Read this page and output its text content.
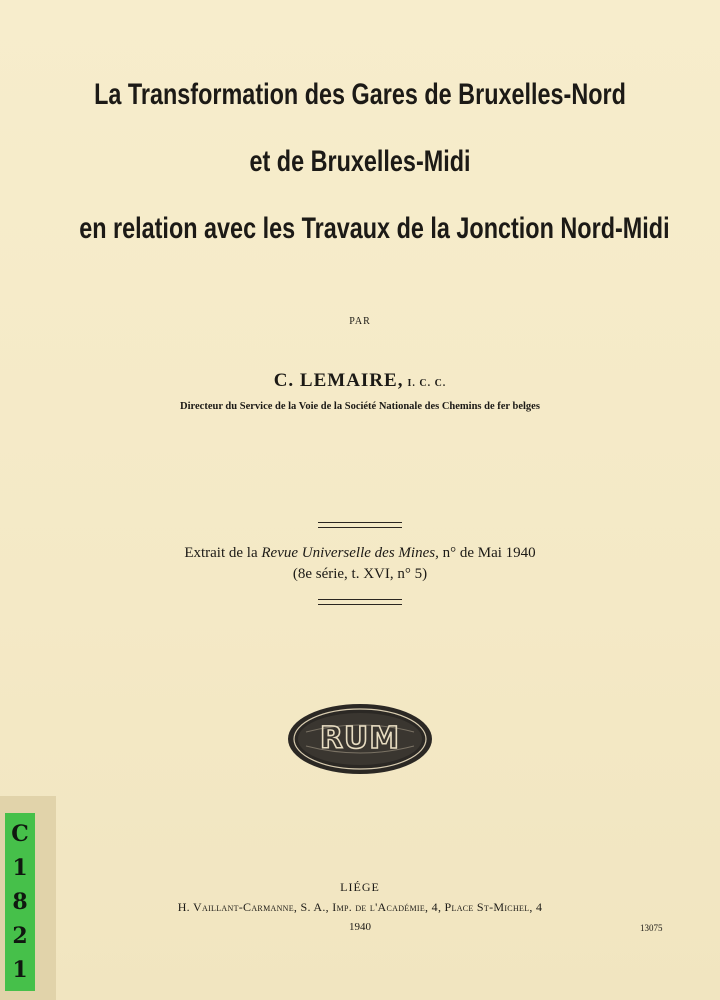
La Transformation des Gares de Bruxelles-Nord
et de Bruxelles-Midi
en relation avec les Travaux de la Jonction Nord-Midi
PAR
C. LEMAIRE, I. C. C.
Directeur du Service de la Voie de la Société Nationale des Chemins de fer belges
Extrait de la Revue Universelle des Mines, n° de Mai 1940
(8e série, t. XVI, n° 5)
RUM
LIÉGE
H. Vaillant-Carmanne, S. A., Imp. de l'Académie, 4, Place St-Michel, 4
1940	13075
C
1
8
2
1
